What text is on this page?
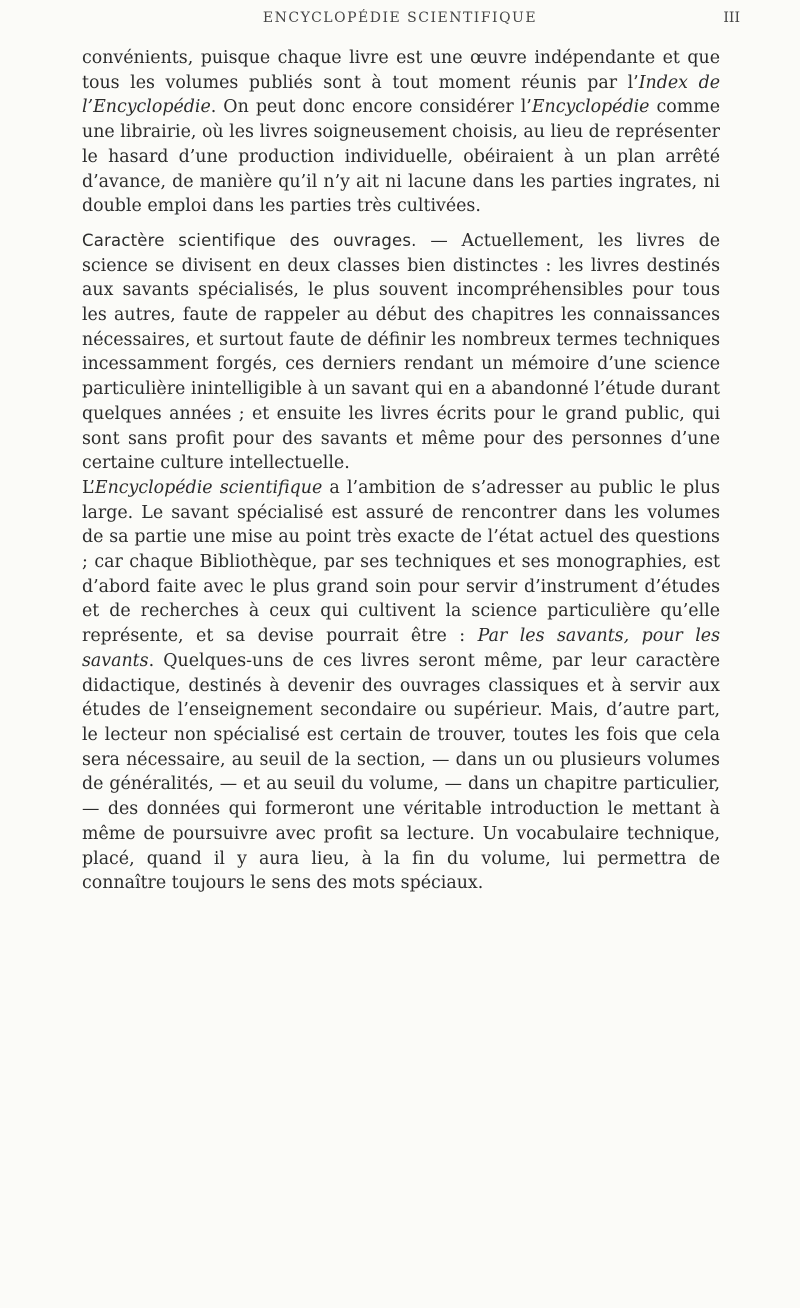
ENCYCLOPÉDIE SCIENTIFIQUE	III

convénients, puisque chaque livre est une œuvre indépendante et que tous les volumes publiés sont à tout moment réunis par l’Index de l’Encyclopédie. On peut donc encore considérer l’Encyclopédie comme une librairie, où les livres soigneusement choisis, au lieu de représenter le hasard d’une production individuelle, obéiraient à un plan arrêté d’avance, de manière qu’il n’y ait ni lacune dans les parties ingrates, ni double emploi dans les parties très cultivées.

Caractère scientifique des ouvrages. — Actuellement, les livres de science se divisent en deux classes bien distinctes : les livres destinés aux savants spécialisés, le plus souvent incompréhensibles pour tous les autres, faute de rappeler au début des chapitres les connaissances nécessaires, et surtout faute de définir les nombreux termes techniques incessamment forgés, ces derniers rendant un mémoire d’une science particulière inintelligible à un savant qui en a abandonné l’étude durant quelques années ; et ensuite les livres écrits pour le grand public, qui sont sans profit pour des savants et même pour des personnes d’une certaine culture intellectuelle.

L’Encyclopédie scientifique a l’ambition de s’adresser au public le plus large. Le savant spécialisé est assuré de rencontrer dans les volumes de sa partie une mise au point très exacte de l’état actuel des questions ; car chaque Bibliothèque, par ses techniques et ses monographies, est d’abord faite avec le plus grand soin pour servir d’instrument d’études et de recherches à ceux qui cultivent la science particulière qu’elle représente, et sa devise pourrait être : Par les savants, pour les savants. Quelques-uns de ces livres seront même, par leur caractère didactique, destinés à devenir des ouvrages classiques et à servir aux études de l’enseignement secondaire ou supérieur. Mais, d’autre part, le lecteur non spécialisé est certain de trouver, toutes les fois que cela sera nécessaire, au seuil de la section, — dans un ou plusieurs volumes de généralités, — et au seuil du volume, — dans un chapitre particulier, — des données qui formeront une véritable introduction le mettant à même de poursuivre avec profit sa lecture. Un vocabulaire technique, placé, quand il y aura lieu, à la fin du volume, lui permettra de connaître toujours le sens des mots spéciaux.
